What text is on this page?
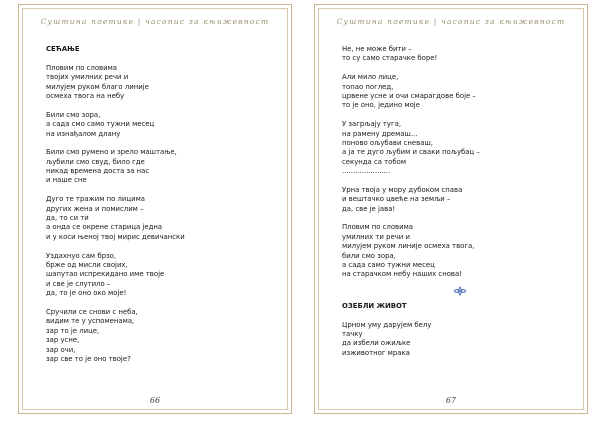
Суштина поетике | часопис за књижевност
СЕЋАЊЕ
Пловим по словима
твојих умилних речи и
милујем руком благо линије
осмеха твога на небу
Били смо зора,
а сада смо само тужни месец
на изнађалом длану
Били смо румено и зрело маштање,
љубили смо свуд, било где
никад времена доста за нас
и наше сне
Дуго те тражим по лицима
других жена и помислим –
да, то си ти
а онда се окрене старица једна
и у коси њеној твој мирис девичански
Уздахнуо сам брзо,
брже од мисли својих,
шапутао испрекидано име твоје
и све је слутило –
да, то је оно око моје!
Сручили се снови с неба,
видим те у успоменама,
зар то је лице,
зар усне,
зар очи,
зар све то је оно твоје?
66
Суштина поетике | часопис за књижевност
Не, не може бити –
то су само старачке боре!
Али мило лице,
топао поглед,
црвене усне и очи смарагдове боје –
то је оно, једино моје
У загрљају туга,
на рамену дремаш...
поново ољубави сневаш,
а ја те дуго љубим и сваки пољубац –
секунда са тобом
......................
Урна твоја у мору дубоком спава
и вештачко цвеће на земљи –
да, све је јава!
Пловим по словима
умилних ти речи и
милујем руком линије осмеха твога,
били смо зора,
а сада само тужни месец
на старачком небу наших снова!
ОЗЕБЛИ ЖИВОТ
Црном уму дарујем белу
тачку
да избели ожиљке
изживотног мрака
67
